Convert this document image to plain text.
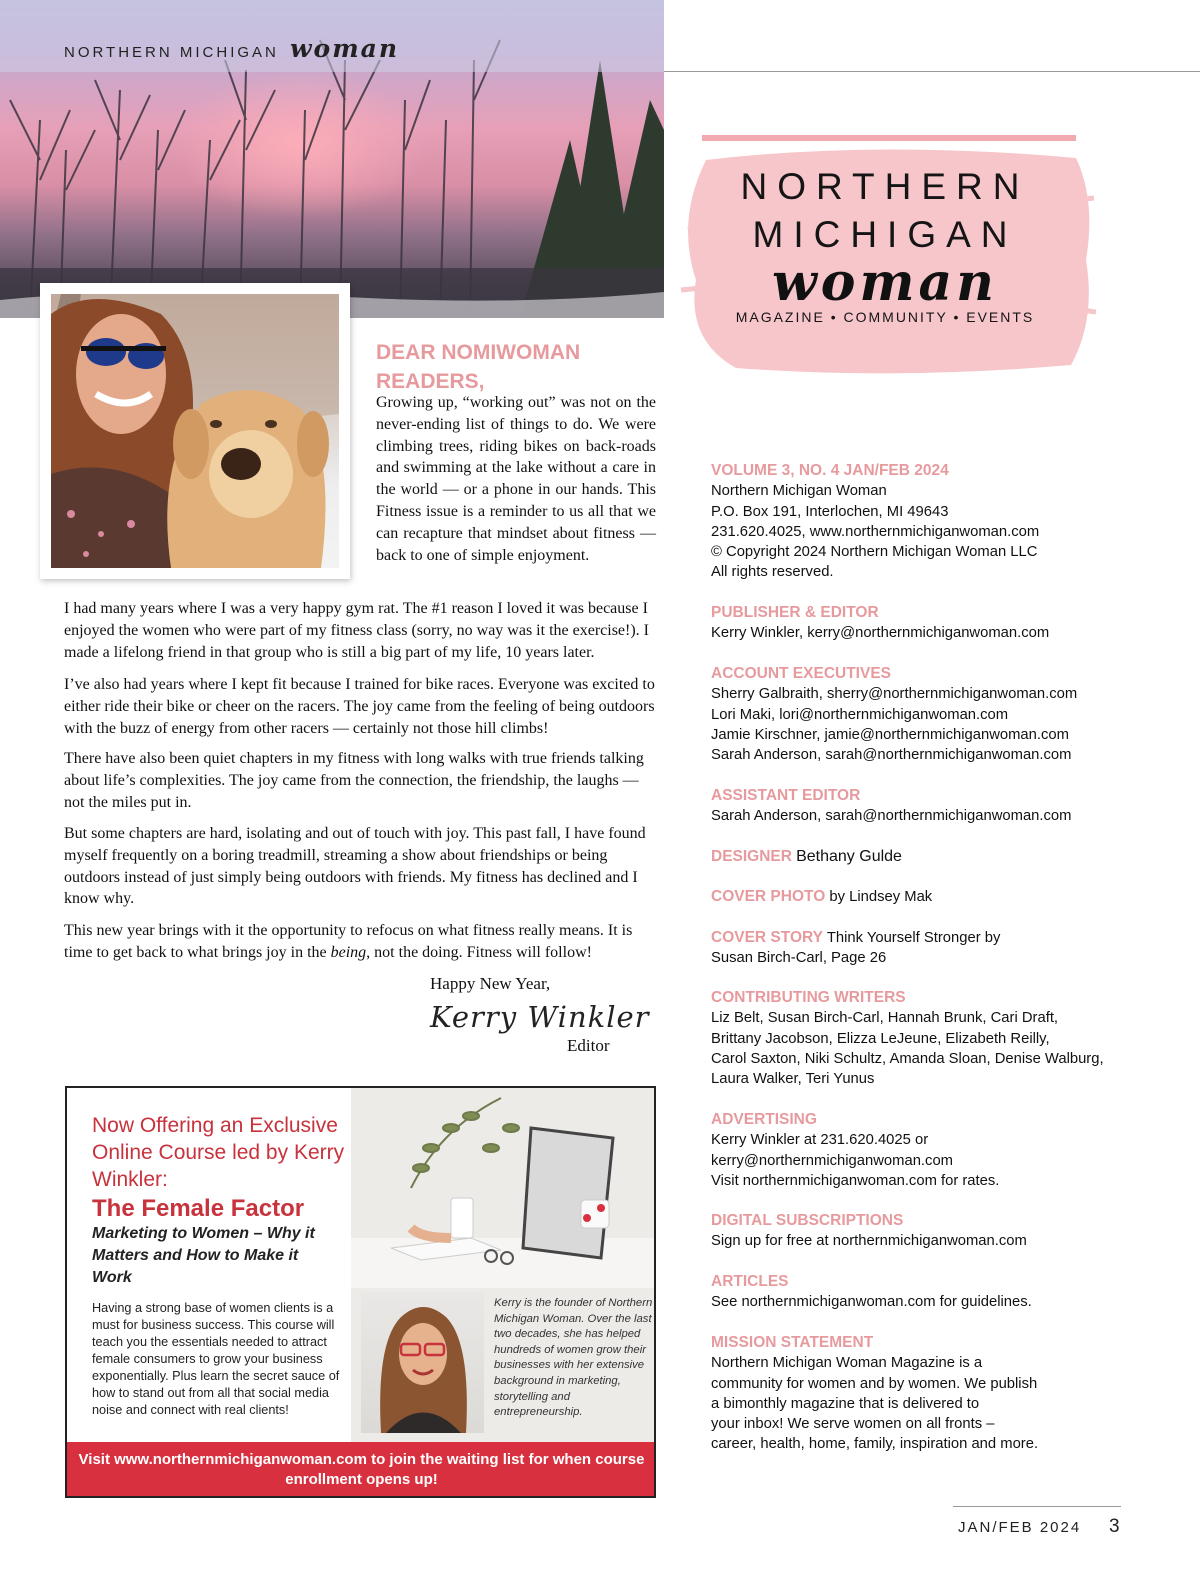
NORTHERN MICHIGAN woman
DEAR NOMIWOMAN READERS,
Growing up, “working out” was not on the never-ending list of things to do. We were climbing trees, riding bikes on back-roads and swimming at the lake without a care in the world — or a phone in our hands. This Fitness issue is a reminder to us all that we can recapture that mindset about fitness — back to one of simple enjoyment.
I had many years where I was a very happy gym rat. The #1 reason I loved it was because I enjoyed the women who were part of my fitness class (sorry, no way was it the exercise!). I made a lifelong friend in that group who is still a big part of my life, 10 years later.
I’ve also had years where I kept fit because I trained for bike races. Everyone was excited to either ride their bike or cheer on the racers. The joy came from the feeling of being outdoors with the buzz of energy from other racers — certainly not those hill climbs!
There have also been quiet chapters in my fitness with long walks with true friends talking about life’s complexities. The joy came from the connection, the friendship, the laughs — not the miles put in.
But some chapters are hard, isolating and out of touch with joy. This past fall, I have found myself frequently on a boring treadmill, streaming a show about friendships or being outdoors instead of just simply being outdoors with friends. My fitness has declined and I know why.
This new year brings with it the opportunity to refocus on what fitness really means. It is time to get back to what brings joy in the being, not the doing. Fitness will follow!
Happy New Year,
Kerry Winkler
Editor
Now Offering an Exclusive Online Course led by Kerry Winkler:
The Female Factor
Marketing to Women – Why it Matters and How to Make it Work
Having a strong base of women clients is a must for business success. This course will teach you the essentials needed to attract female consumers to grow your business exponentially. Plus learn the secret sauce of how to stand out from all that social media noise and connect with real clients!
Kerry is the founder of Northern Michigan Woman. Over the last two decades, she has helped hundreds of women grow their businesses with her extensive background in marketing, storytelling and entrepreneurship.
Visit www.northernmichiganwoman.com to join the waiting list for when course enrollment opens up!
NORTHERN
MICHIGAN
woman
MAGAZINE • COMMUNITY • EVENTS
VOLUME 3, NO. 4 JAN/FEB 2024
Northern Michigan Woman
P.O. Box 191, Interlochen, MI 49643
231.620.4025, www.northernmichiganwoman.com
© Copyright 2024 Northern Michigan Woman LLC
All rights reserved.
PUBLISHER & EDITOR
Kerry Winkler, kerry@northernmichiganwoman.com
ACCOUNT EXECUTIVES
Sherry Galbraith, sherry@northernmichiganwoman.com
Lori Maki, lori@northernmichiganwoman.com
Jamie Kirschner, jamie@northernmichiganwoman.com
Sarah Anderson, sarah@northernmichiganwoman.com
ASSISTANT EDITOR
Sarah Anderson, sarah@northernmichiganwoman.com
DESIGNER Bethany Gulde
COVER PHOTO by Lindsey Mak
COVER STORY Think Yourself Stronger by
Susan Birch-Carl, Page 26
CONTRIBUTING WRITERS
Liz Belt, Susan Birch-Carl, Hannah Brunk, Cari Draft,
Brittany Jacobson, Elizza LeJeune, Elizabeth Reilly,
Carol Saxton, Niki Schultz, Amanda Sloan, Denise Walburg,
Laura Walker, Teri Yunus
ADVERTISING
Kerry Winkler at 231.620.4025 or
kerry@northernmichiganwoman.com
Visit northernmichiganwoman.com for rates.
DIGITAL SUBSCRIPTIONS
Sign up for free at northernmichiganwoman.com
ARTICLES
See northernmichiganwoman.com for guidelines.
MISSION STATEMENT
Northern Michigan Woman Magazine is a
community for women and by women. We publish
a bimonthly magazine that is delivered to
your inbox! We serve women on all fronts –
career, health, home, family, inspiration and more.
JAN/FEB 2024 3
